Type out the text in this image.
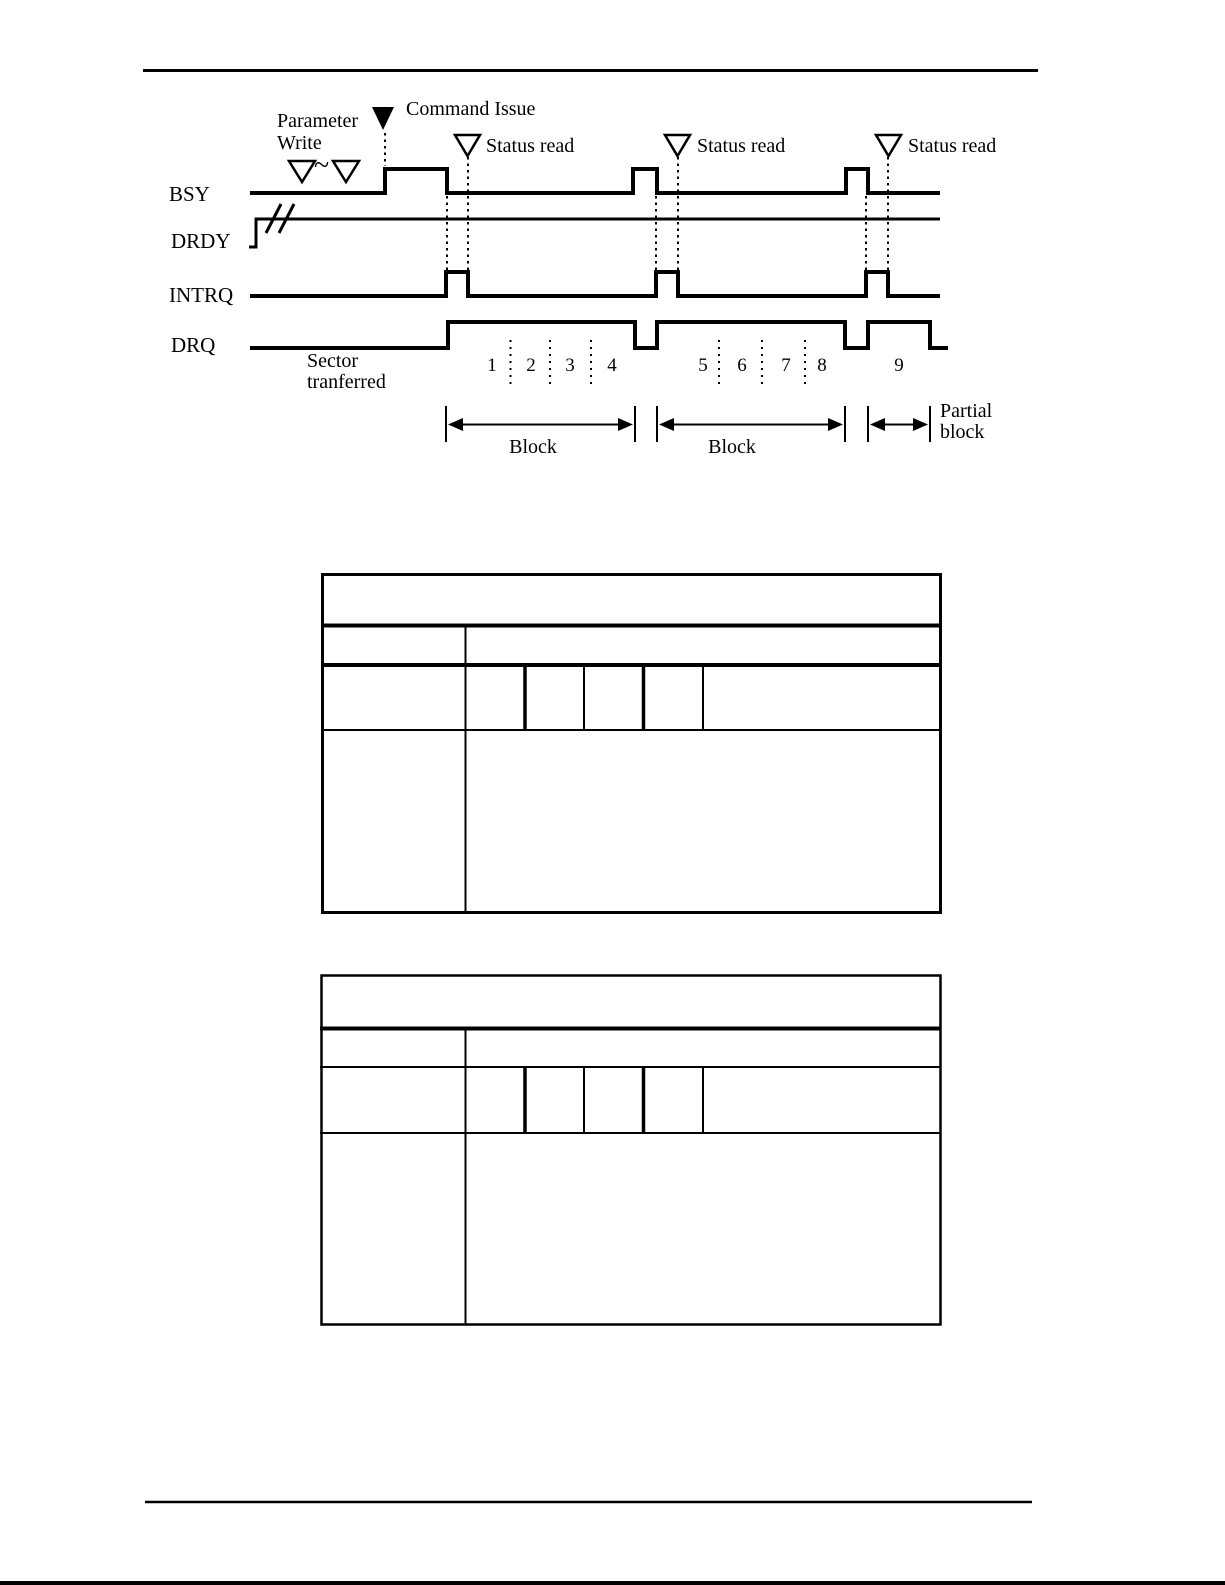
BSY
DRDY
INTRQ
DRQ
Parameter Write
~
Command Issue
Status read	Status read	Status read
Sector tranferred
1 2 3 4	5 6 7 8	9
Block	Block
Partial block
